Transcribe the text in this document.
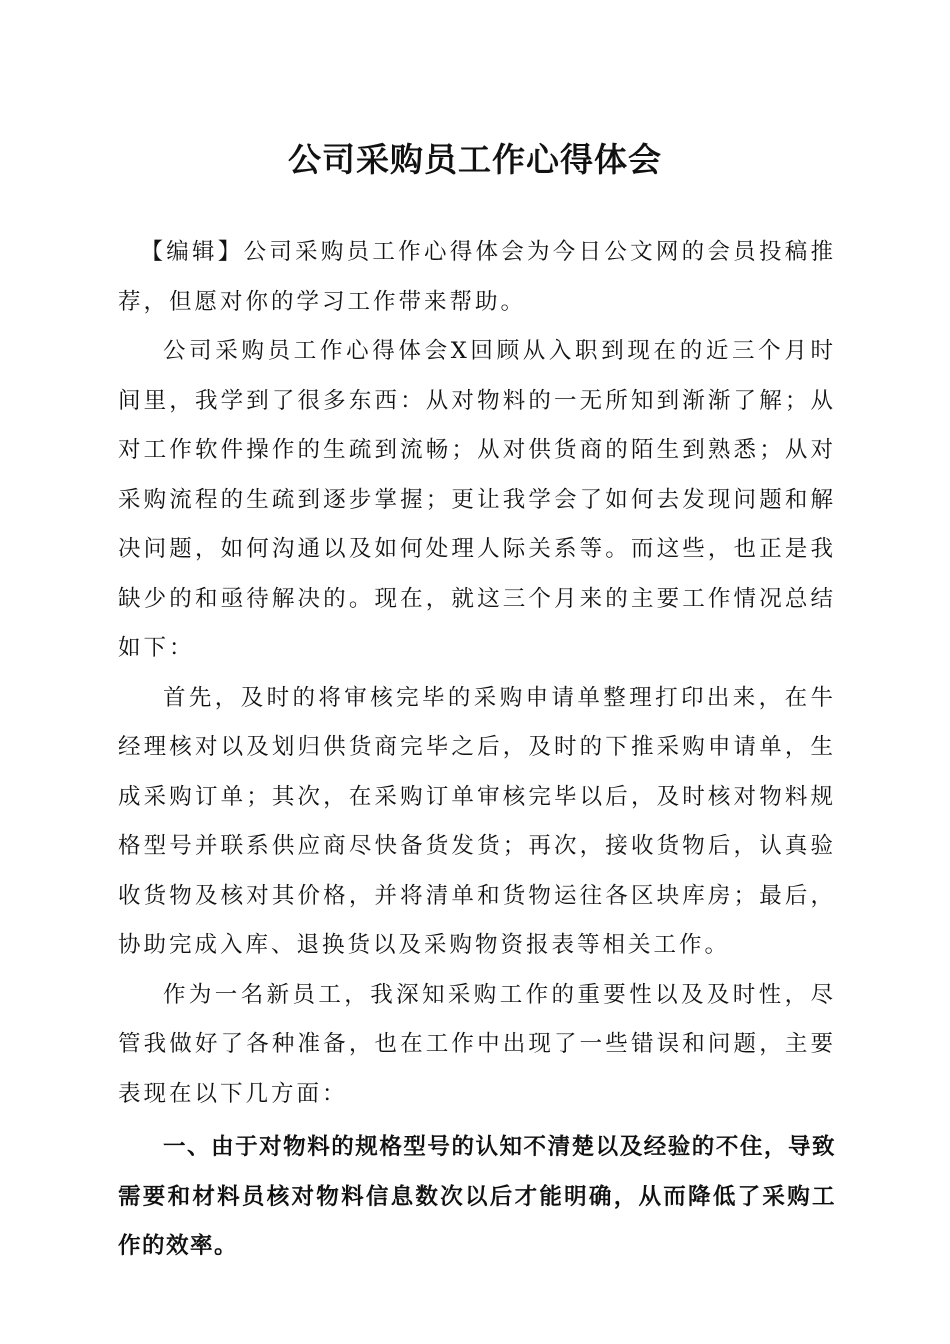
公司采购员工作心得体会

【编辑】公司采购员工作心得体会为今日公文网的会员投稿推荐，但愿对你的学习工作带来帮助。

公司采购员工作心得体会X回顾从入职到现在的近三个月时间里，我学到了很多东西：从对物料的一无所知到渐渐了解；从对工作软件操作的生疏到流畅；从对供货商的陌生到熟悉；从对采购流程的生疏到逐步掌握；更让我学会了如何去发现问题和解决问题，如何沟通以及如何处理人际关系等。而这些，也正是我缺少的和亟待解决的。现在，就这三个月来的主要工作情况总结如下：

首先，及时的将审核完毕的采购申请单整理打印出来，在牛经理核对以及划归供货商完毕之后，及时的下推采购申请单，生成采购订单；其次，在采购订单审核完毕以后，及时核对物料规格型号并联系供应商尽快备货发货；再次，接收货物后，认真验收货物及核对其价格，并将清单和货物运往各区块库房；最后，协助完成入库、退换货以及采购物资报表等相关工作。

作为一名新员工，我深知采购工作的重要性以及及时性，尽管我做好了各种准备，也在工作中出现了一些错误和问题，主要表现在以下几方面：

一、由于对物料的规格型号的认知不清楚以及经验的不住，导致需要和材料员核对物料信息数次以后才能明确，从而降低了采购工作的效率。
